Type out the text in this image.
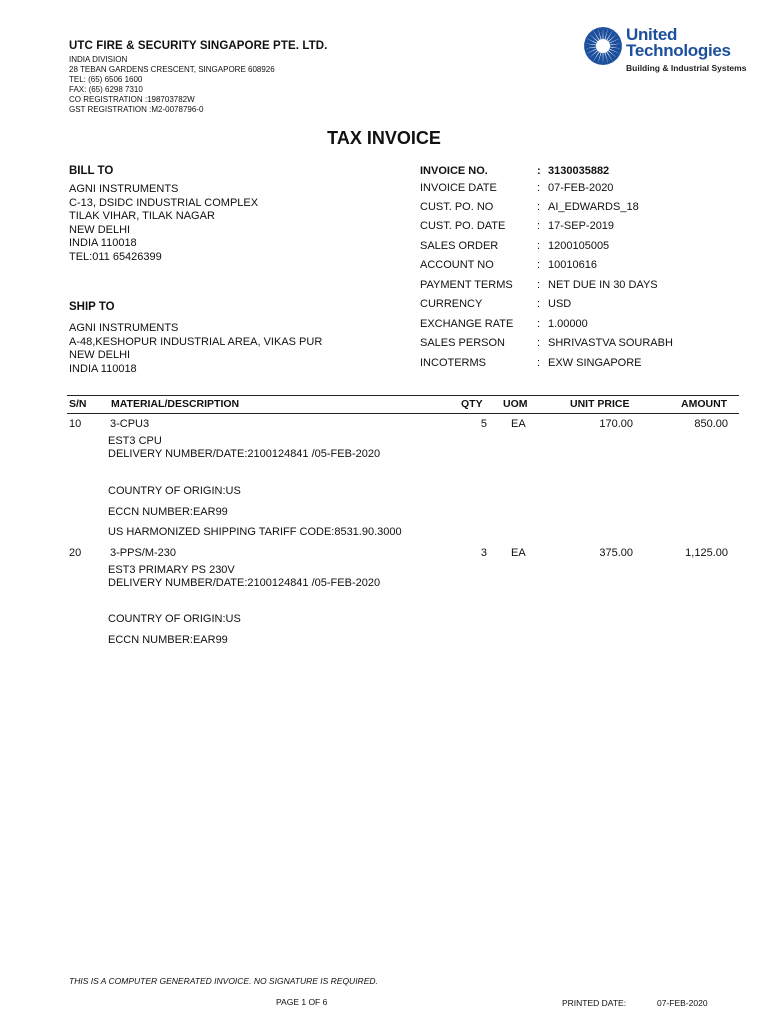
UTC FIRE & SECURITY SINGAPORE PTE. LTD.
INDIA DIVISION
28 TEBAN GARDENS CRESCENT, SINGAPORE 608926
TEL: (65) 6506 1600
FAX: (65) 6298 7310
CO REGISTRATION :198703782W
GST REGISTRATION :M2-0078796-0
United
Technologies
Building & Industrial Systems
TAX INVOICE
BILL TO
AGNI INSTRUMENTS
C-13, DSIDC INDUSTRIAL COMPLEX
TILAK VIHAR, TILAK NAGAR
NEW DELHI
INDIA 110018
TEL:011 65426399
SHIP TO
AGNI INSTRUMENTS
A-48,KESHOPUR INDUSTRIAL AREA, VIKAS PUR
NEW DELHI
INDIA 110018
INVOICE NO.	: 3130035882
INVOICE DATE	: 07-FEB-2020
CUST. PO. NO	: AI_EDWARDS_18
CUST. PO. DATE	: 17-SEP-2019
SALES ORDER	: 1200105005
ACCOUNT NO	: 10010616
PAYMENT TERMS : NET DUE IN 30 DAYS
CURRENCY	: USD
EXCHANGE RATE : 1.00000
SALES PERSON	: SHRIVASTVA SOURABH
INCOTERMS	: EXW SINGAPORE
S/N MATERIAL/DESCRIPTION	QTY UOM	UNIT PRICE	AMOUNT
10	3-CPU3	5 EA	170.00	850.00
EST3 CPU
DELIVERY NUMBER/DATE:2100124841 /05-FEB-2020
COUNTRY OF ORIGIN:US
ECCN NUMBER:EAR99
US HARMONIZED SHIPPING TARIFF CODE:8531.90.3000
20	3-PPS/M-230	3 EA	375.00	1,125.00
EST3 PRIMARY PS 230V
DELIVERY NUMBER/DATE:2100124841 /05-FEB-2020
COUNTRY OF ORIGIN:US
ECCN NUMBER:EAR99
THIS IS A COMPUTER GENERATED INVOICE. NO SIGNATURE IS REQUIRED.
PAGE 1 OF 6	PRINTED DATE:	07-FEB-2020
